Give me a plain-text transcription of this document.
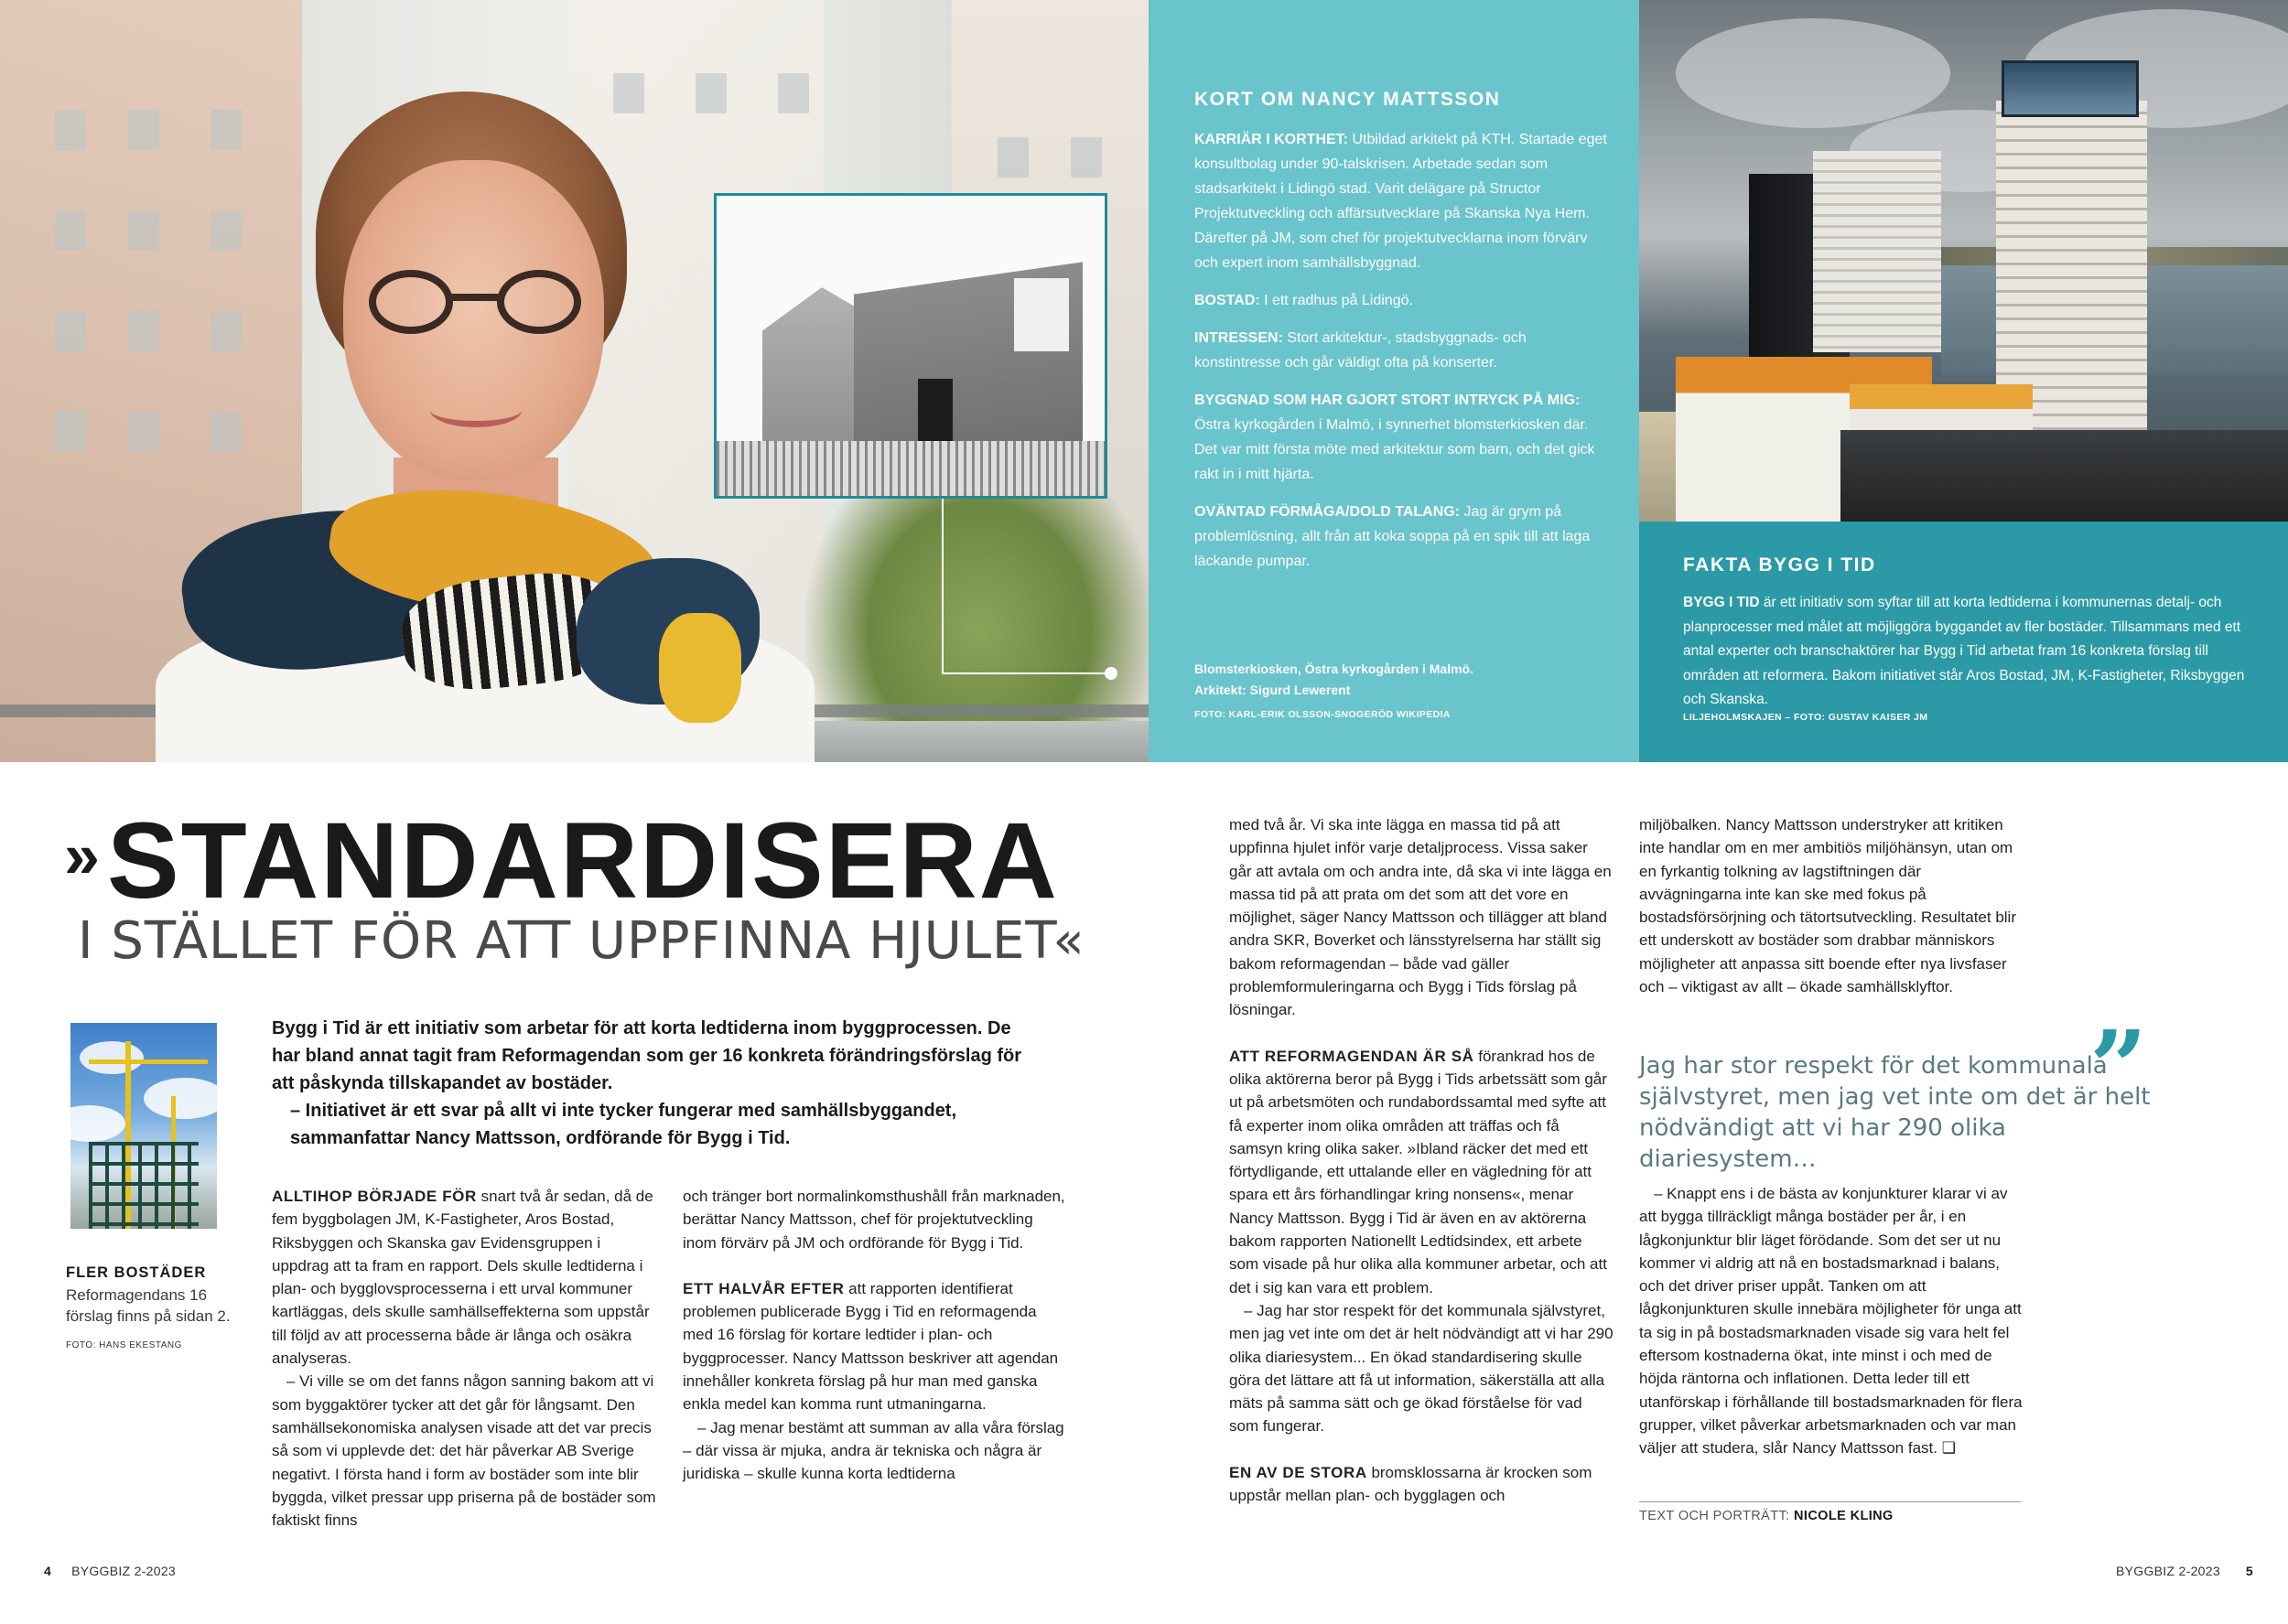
KORT OM NANCY MATTSSON

KARRIÄR I KORTHET: Utbildad arkitekt på KTH. Startade eget konsultbolag under 90-talskrisen. Arbetade sedan som stadsarkitekt i Lidingö stad. Varit delägare på Structor Projektutveckling och affärsutvecklare på Skanska Nya Hem. Därefter på JM, som chef för projektutvecklarna inom förvärv och expert inom samhällsbyggnad.

BOSTAD: I ett radhus på Lidingö.

INTRESSEN: Stort arkitektur-, stadsbyggnads- och konstintresse och går väldigt ofta på konserter.

BYGGNAD SOM HAR GJORT STORT INTRYCK PÅ MIG: Östra kyrkogården i Malmö, i synnerhet blomsterkiosken där. Det var mitt första möte med arkitektur som barn, och det gick rakt in i mitt hjärta.

OVÄNTAD FÖRMÅGA/DOLD TALANG: Jag är grym på problemlösning, allt från att koka soppa på en spik till att laga läckande pumpar.

Blomsterkiosken, Östra kyrkogården i Malmö.
Arkitekt: Sigurd Lewerent
FOTO: KARL-ERIK OLSSON-SNOGERÖD WIKIPEDIA
FAKTA BYGG I TID

BYGG I TID är ett initiativ som syftar till att korta ledtiderna i kommunernas detalj- och planprocesser med målet att möjliggöra byggandet av fler bostäder. Tillsammans med ett antal experter och branschaktörer har Bygg i Tid arbetat fram 16 konkreta förslag till områden att reformera. Bakom initiativet står Aros Bostad, JM, K-Fastigheter, Riksbyggen och Skanska.

LILJEHOLMSKAJEN – FOTO: GUSTAV KAISER JM
»STANDARDISERA
I STÄLLET FÖR ATT UPPFINNA HJULET«
FLER BOSTÄDER
Reformagendans 16 förslag finns på sidan 2.
FOTO: HANS EKESTANG
Bygg i Tid är ett initiativ som arbetar för att korta ledtiderna inom byggprocessen. De har bland annat tagit fram Reformagendan som ger 16 konkreta förändringsförslag för att påskynda tillskapandet av bostäder.
– Initiativet är ett svar på allt vi inte tycker fungerar med samhällsbyggandet, sammanfattar Nancy Mattsson, ordförande för Bygg i Tid.

ALLTIHOP BÖRJADE FÖR snart två år sedan, då de fem byggbolagen JM, K-Fastigheter, Aros Bostad, Riksbyggen och Skanska gav Evidensgruppen i uppdrag att ta fram en rapport. Dels skulle ledtiderna i plan- och bygglovsprocesserna i ett urval kommuner kartläggas, dels skulle samhällseffekterna som uppstår till följd av att processerna både är långa och osäkra analyseras.

– Vi ville se om det fanns någon sanning bakom att vi som byggaktörer tycker att det går för långsamt. Den samhällsekonomiska analysen visade att det var precis så som vi upplevde det: det här påverkar AB Sverige negativt. I första hand i form av bostäder som inte blir byggda, vilket pressar upp priserna på de bostäder som faktiskt finns

och tränger bort normalinkomsthushåll från marknaden, berättar Nancy Mattsson, chef för projektutveckling inom förvärv på JM och ordförande för Bygg i Tid.

ETT HALVÅR EFTER att rapporten identifierat problemen publicerade Bygg i Tid en reformagenda med 16 förslag för kortare ledtider i plan- och byggprocesser. Nancy Mattsson beskriver att agendan innehåller konkreta förslag på hur man med ganska enkla medel kan komma runt utmaningarna.

– Jag menar bestämt att summan av alla våra förslag – där vissa är mjuka, andra är tekniska och några är juridiska – skulle kunna korta ledtiderna

med två år. Vi ska inte lägga en massa tid på att uppfinna hjulet inför varje detaljprocess. Vissa saker går att avtala om och andra inte, då ska vi inte lägga en massa tid på att prata om det som att det vore en möjlighet, säger Nancy Mattsson och tillägger att bland andra SKR, Boverket och länsstyrelserna har ställt sig bakom reformagendan – både vad gäller problemformuleringarna och Bygg i Tids förslag på lösningar.

ATT REFORMAGENDAN ÄR SÅ förankrad hos de olika aktörerna beror på Bygg i Tids arbetssätt som går ut på arbetsmöten och rundabordssamtal med syfte att få experter inom olika områden att träffas och få samsyn kring olika saker. »Ibland räcker det med ett förtydligande, ett uttalande eller en vägledning för att spara ett års förhandlingar kring nonsens«, menar Nancy Mattsson. Bygg i Tid är även en av aktörerna bakom rapporten Nationellt Ledtidsindex, ett arbete som visade på hur olika alla kommuner arbetar, och att det i sig kan vara ett problem.

– Jag har stor respekt för det kommunala självstyret, men jag vet inte om det är helt nödvändigt att vi har 290 olika diariesystem... En ökad standardisering skulle göra det lättare att få ut information, säkerställa att alla mäts på samma sätt och ge ökad förståelse för vad som fungerar.

EN AV DE STORA bromsklossarna är krocken som uppstår mellan plan- och bygglagen och

miljöbalken. Nancy Mattsson understryker att kritiken inte handlar om en mer ambitiös miljöhänsyn, utan om en fyrkantig tolkning av lagstiftningen där avvägningarna inte kan ske med fokus på bostadsförsörjning och tätortsutveckling. Resultatet blir ett underskott av bostäder som drabbar människors möjligheter att anpassa sitt boende efter nya livsfaser och – viktigast av allt – ökade samhällsklyftor.

Jag har stor respekt för det kommunala självstyret, men jag vet inte om det är helt nödvändigt att vi har 290 olika diariesystem…
”

– Knappt ens i de bästa av konjunkturer klarar vi av att bygga tillräckligt många bostäder per år, i en lågkonjunktur blir läget förödande. Som det ser ut nu kommer vi aldrig att nå en bostadsmarknad i balans, och det driver priser uppåt. Tanken om att lågkonjunkturen skulle innebära möjligheter för unga att ta sig in på bostadsmarknaden visade sig vara helt fel eftersom kostnaderna ökat, inte minst i och med de höjda räntorna och inflationen. Detta leder till ett utanförskap i förhållande till bostadsmarknaden för flera grupper, vilket påverkar arbetsmarknaden och var man väljer att studera, slår Nancy Mattsson fast. ❏

TEXT OCH PORTRÄTT: NICOLE KLING
4 BYGGBIZ 2-2023	BYGGBIZ 2-2023 5
